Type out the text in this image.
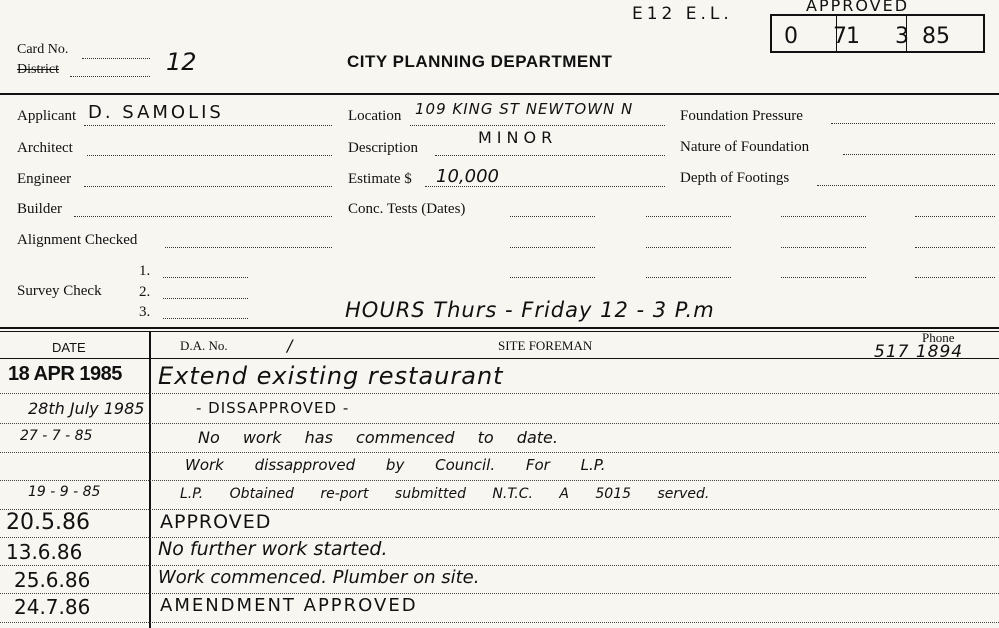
E12 E.L.	APPROVED
0 7
1 3 85
Card No.
District	12	CITY PLANNING DEPARTMENT
Applicant D. SAMOLIS
Architect
Engineer
Builder
Alignment Checked
Survey Check
1.
2.
3.
Location 109 KING ST NEWTOWN N
Description
MINOR
Estimate $ 10,000
Conc. Tests (Dates)
Foundation Pressure
Nature of Foundation
Depth of Footings
HOURS Thurs - Friday 12 - 3 P.m
DATE	D.A. No.	/	SITE FOREMAN
Phone
517 1894
18 APR 1985 Extend existing restaurant
28th July 1985	- DISSAPPROVED -
27 - 7 - 85	No work has commenced to date.
Work dissapproved by Council. For L.P.
19 - 9 - 85	L.P. Obtained re-port submitted N.T.C. A 5015 served.
20.5.86	APPROVED
13.6.86	No further work started.
25.6.86	Work commenced. Plumber on site.
24.7.86	AMENDMENT APPROVED
